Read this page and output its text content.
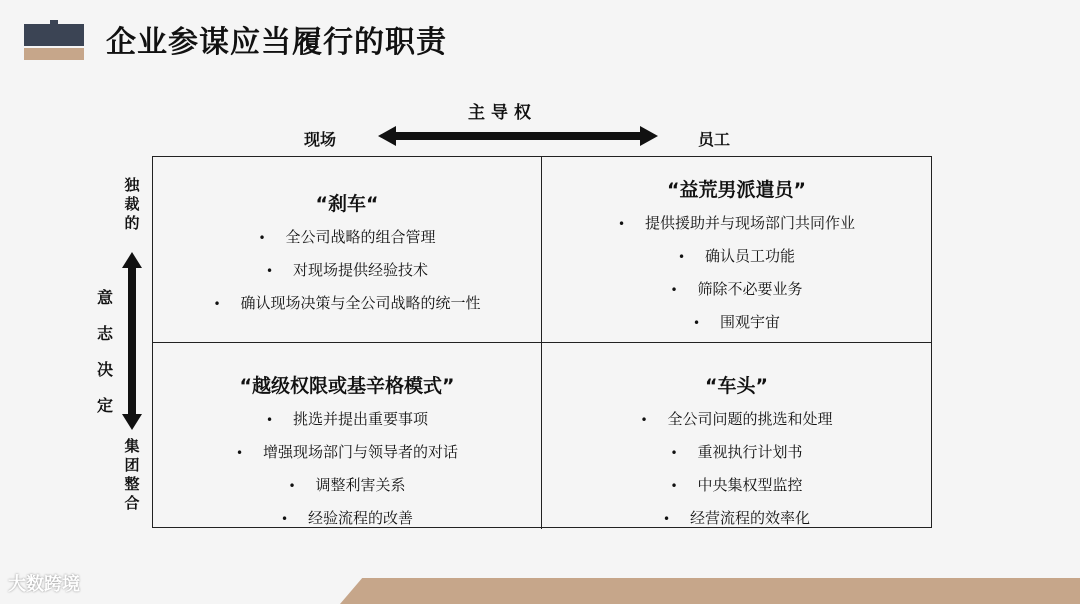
企业参谋应当履行的职责
主导权
现场	员工
独裁的
意志决定
集团整合
“刹车“
• 全公司战略的组合管理
• 对现场提供经验技术
• 确认现场决策与全公司战略的统一性
“益荒男派遣员”
• 提供援助并与现场部门共同作业
• 确认员工功能
• 筛除不必要业务
• 围观宇宙
“越级权限或基辛格模式”
• 挑选并提出重要事项
• 增强现场部门与领导者的对话
• 调整利害关系
• 经验流程的改善
“车头”
• 全公司问题的挑选和处理
• 重视执行计划书
• 中央集权型监控
• 经营流程的效率化
大数跨境
